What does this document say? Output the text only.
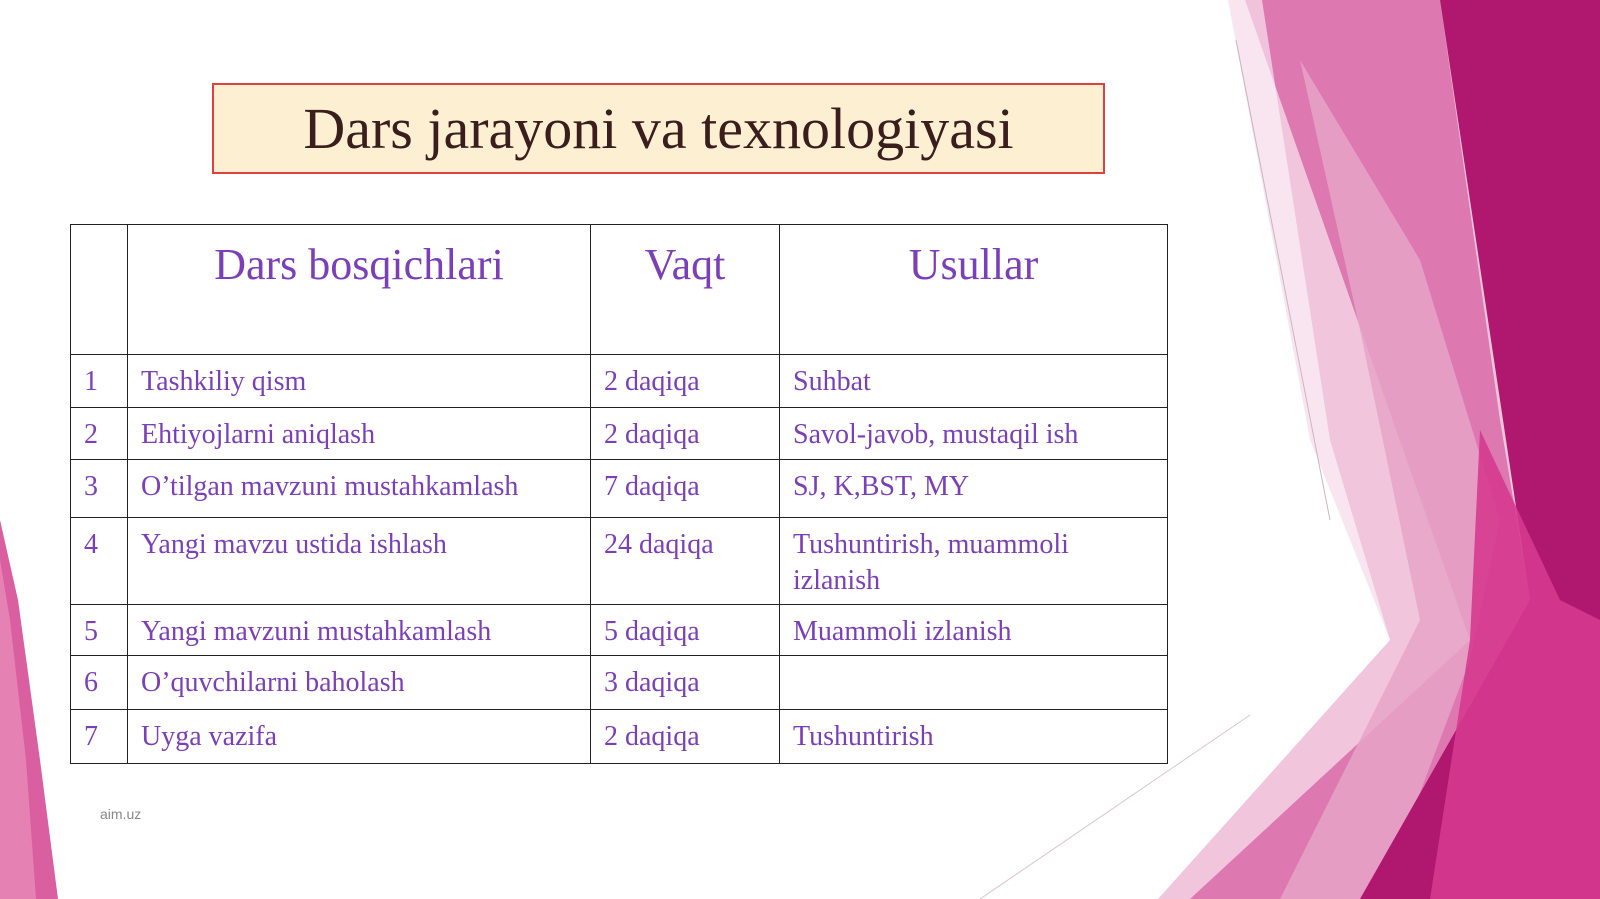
Dars jarayoni va texnologiyasi
	Dars bosqichlari	Vaqt	Usullar
1	Tashkiliy qism	2 daqiqa	Suhbat
2	Ehtiyojlarni aniqlash	2 daqiqa	Savol-javob, mustaqil ish
3	O’tilgan mavzuni mustahkamlash	7 daqiqa	SJ, K,BST, MY
4	Yangi mavzu ustida ishlash	24 daqiqa	Tushuntirish, muammoli izlanish
5	Yangi mavzuni mustahkamlash	5 daqiqa	Muammoli izlanish
6	O’quvchilarni baholash	3 daqiqa	
7	Uyga vazifa	2 daqiqa	Tushuntirish
aim.uz
